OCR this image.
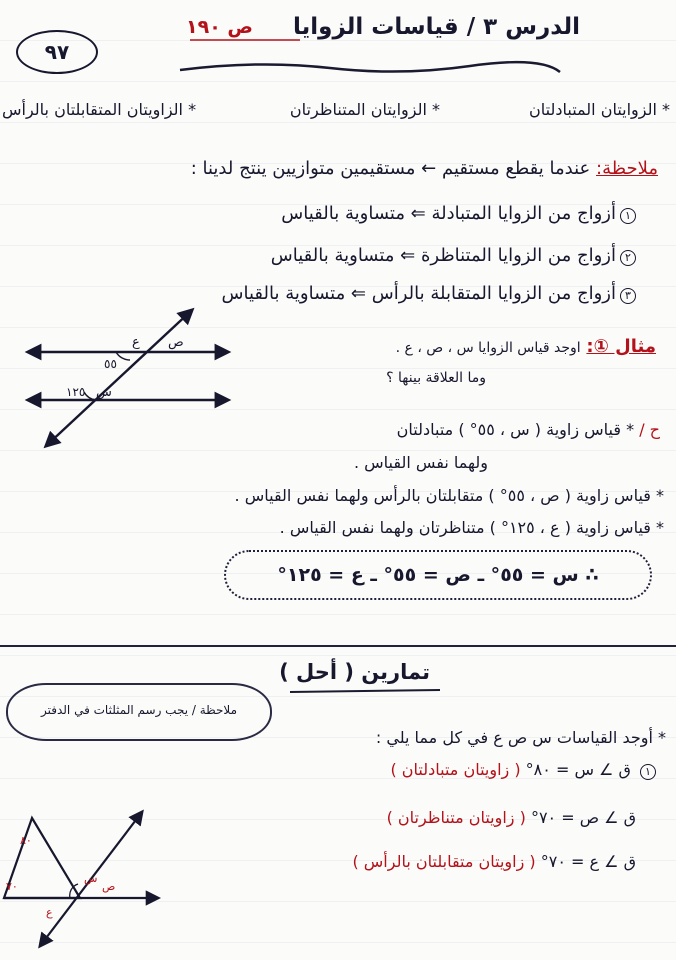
٩٧
الدرس ٣ / قياسات الزوايا
ص ١٩٠
* الزوايتان المتبادلتان
* الزوايتان المتناظرتان
* الزاويتان المتقابلتان بالرأس
ملاحظة: عندما يقطع مستقيم ← مستقيمين متوازيين ينتج لدينا :
١أزواج من الزوايا المتبادلة ⇐ متساوية بالقياس
٢أزواج من الزوايا المتناظرة ⇐ متساوية بالقياس
٣أزواج من الزوايا المتقابلة بالرأس ⇐ متساوية بالقياس
ع ص
٥٥
س
١٢٥
مثال ①: اوجد قياس الزوايا س ، ص ، ع .
وما العلاقة بينها ؟
ح / * قياس زاوية ( س ، ٥٥° ) متبادلتان
ولهما نفس القياس .
* قياس زاوية ( ص ، ٥٥° ) متقابلتان بالرأس ولهما نفس القياس .
* قياس زاوية ( ع ، ١٢٥° ) متناظرتان ولهما نفس القياس .
∴ س = ٥٥° ـ ص = ٥٥° ـ ع = ١٢٥°
تمارين ( أحل )
ملاحظة / يجب رسم المثلثات في الدفتر
* أوجد القياسات س ص ع في كل مما يلي :
١ ق ∠ س = ٨٠° ( زاويتان متبادلتان )
ق ∠ ص = ٧٠° ( زاويتان متناظرتان )
ق ∠ ع = ٧٠° ( زاويتان متقابلتان بالرأس )
٨٠
٧٠
س
ص
ع
